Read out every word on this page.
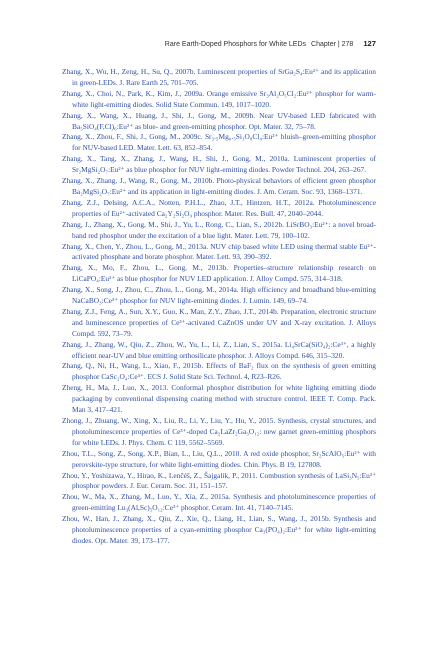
Rare Earth-Doped Phosphors for White LEDs Chapter | 278 127

Zhang, X., Wu, H., Zeng, H., Su, Q., 2007b. Luminescent properties of SrGa₂S₄:Eu²⁺ and its application in green-LEDs. J. Rare Earth 25, 701–705.

Zhang, X., Choi, N., Park, K., Kim, J., 2009a. Orange emissive Sr₃Al₂O₅Cl₂:Eu²⁺ phosphor for warm-white light-emitting diodes. Solid State Commun. 149, 1017–1020.

Zhang, X., Wang, X., Huang, J., Shi, J., Gong, M., 2009b. Near UV-based LED fabricated with Ba₅SiO₄(F,Cl)₆:Eu²⁺ as blue- and green-emitting phosphor. Opt. Mater. 32, 75–78.

Zhang, X., Zhou, F., Shi, J., Gong, M., 2009c. Sr₃.₅Mg₀.₅Si₃O₈Cl₄:Eu²⁺ bluish–green-emitting phosphor for NUV-based LED. Mater. Lett. 63, 852–854.

Zhang, X., Tang, X., Zhang, J., Wang, H., Shi, J., Gong, M., 2010a. Luminescent properties of Sr₂MgSi₂O₇:Eu²⁺ as blue phosphor for NUV light-emitting diodes. Powder Technol. 204, 263–267.

Zhang, X., Zhang, J., Wang, R., Gong, M., 2010b. Photo-physical behaviors of efficient green phosphor Ba₂MgSi₂O₇:Eu²⁺ and its application in light-emitting diodes. J. Am. Ceram. Soc. 93, 1368–1371.

Zhang, Z.J., Delsing, A.C.A., Notten, P.H.L., Zhao, J.T., Hintzen, H.T., 2012a. Photoluminescence properties of Eu²⁺-activated Ca₂Y₂Si₂O₉ phosphor. Mater. Res. Bull. 47, 2040–2044.

Zhang, J., Zhang, X., Gong, M., Shi, J., Yu, L., Rong, C., Lian, S., 2012b. LiSrBO₃:Eu²⁺: a novel broad-band red phosphor under the excitation of a blue light. Mater. Lett. 79, 100–102.

Zhang, X., Chen, Y., Zhou, L., Gong, M., 2013a. NUV chip based white LED using thermal stable Eu²⁺-activated phosphate and borate phosphor. Mater. Lett. 93, 390–392.

Zhang, X., Mo, F., Zhou, L., Gong, M., 2013b. Properties–structure relationship research on LiCaPO₄:Eu²⁺ as blue phosphor for NUV LED application. J. Alloy Compd. 575, 314–318.

Zhang, X., Song, J., Zhou, C., Zhou, L., Gong, M., 2014a. High efficiency and broadband blue-emitting NaCaBO₃:Ce³⁺ phosphor for NUV light-emitting diodes. J. Lumin. 149, 69–74.

Zhang, Z.J., Feng, A., Sun, X.Y., Guo, K., Man, Z.Y., Zhao, J.T., 2014b. Preparation, electronic structure and luminescence properties of Ce³⁺-activated CaZnOS under UV and X-ray excitation. J. Alloys Compd. 592, 73–79.

Zhang, J., Zhang, W., Qiu, Z., Zhou, W., Yu, L., Li, Z., Lian, S., 2015a. Li₄SrCa(SiO₄)₂:Ce³⁺, a highly efficient near-UV and blue emitting orthosilicate phosphor. J. Alloys Compd. 646, 315–320.

Zhang, Q., Ni, H., Wang, L., Xiao, F., 2015b. Effects of BaF₂ flux on the synthesis of green emitting phosphor CaSc₂O₄:Ce³⁺. ECS J. Solid State Sci. Technol. 4, R23–R26.

Zheng, H., Ma, J., Luo, X., 2013. Conformal phosphor distribution for white lighting emitting diode packaging by conventional dispensing coating method with structure control. IEEE T. Comp. Pack. Man 3, 417–421.

Zhong, J., Zhuang, W., Xing, X., Liu, R., Li, Y., Liu, Y., Hu, Y., 2015. Synthesis, crystal structures, and photoluminescence properties of Ce³⁺-doped Ca₂LaZr₂Ga₃O₁₂: new garnet green-emitting phosphors for white LEDs. J. Phys. Chem. C 119, 5562–5569.

Zhou, T.L., Song, Z., Song, X.P., Bian, L., Liu, Q.L., 2010. A red oxide phosphor, Sr₂ScAlO₅:Eu²⁺ with perovskite-type structure, for white light-emitting diodes. Chin. Phys. B 19, 127808.

Zhou, Y., Yoshizawa, Y., Hirao, K., Lenčéš, Z., Šajgalík, P., 2011. Combustion synthesis of LaSi₃N₅:Eu²⁺ phosphor powders. J. Eur. Ceram. Soc. 31, 151–157.

Zhou, W., Ma, X., Zhang, M., Luo, Y., Xia, Z., 2015a. Synthesis and photoluminescence properties of green-emitting Lu₃(Al,Sc)₅O₁₂:Ce³⁺ phosphor. Ceram. Int. 41, 7140–7145.

Zhou, W., Han, J., Zhang, X., Qiu, Z., Xie, Q., Liang, H., Lian, S., Wang, J., 2015b. Synthesis and photoluminescence properties of a cyan-emitting phosphor Ca₃(PO₄)₂:Eu²⁺ for white light-emitting diodes. Opt. Mater. 39, 173–177.
